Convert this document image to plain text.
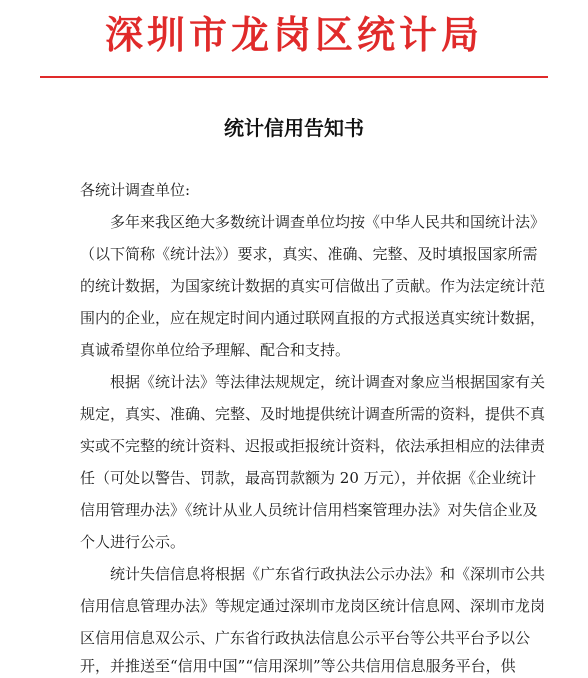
深圳市龙岗区统计局
统计信用告知书
各统计调查单位:
多年来我区绝大多数统计调查单位均按《中华人民共和国统计法》
（以下简称《统计法》）要求，真实、准确、完整、及时填报国家所需
的统计数据，为国家统计数据的真实可信做出了贡献。作为法定统计范
围内的企业，应在规定时间内通过联网直报的方式报送真实统计数据，
真诚希望你单位给予理解、配合和支持。
根据《统计法》等法律法规规定，统计调查对象应当根据国家有关
规定，真实、准确、完整、及时地提供统计调查所需的资料，提供不真
实或不完整的统计资料、迟报或拒报统计资料，依法承担相应的法律责
任（可处以警告、罚款，最高罚款额为 20 万元），并依据《企业统计
信用管理办法》《统计从业人员统计信用档案管理办法》对失信企业及
个人进行公示。
统计失信信息将根据《广东省行政执法公示办法》和《深圳市公共
信用信息管理办法》等规定通过深圳市龙岗区统计信息网、深圳市龙岗
区信用信息双公示、广东省行政执法信息公示平台等公共平台予以公
开，并推送至“信用中国”“信用深圳”等公共信用信息服务平台，供
